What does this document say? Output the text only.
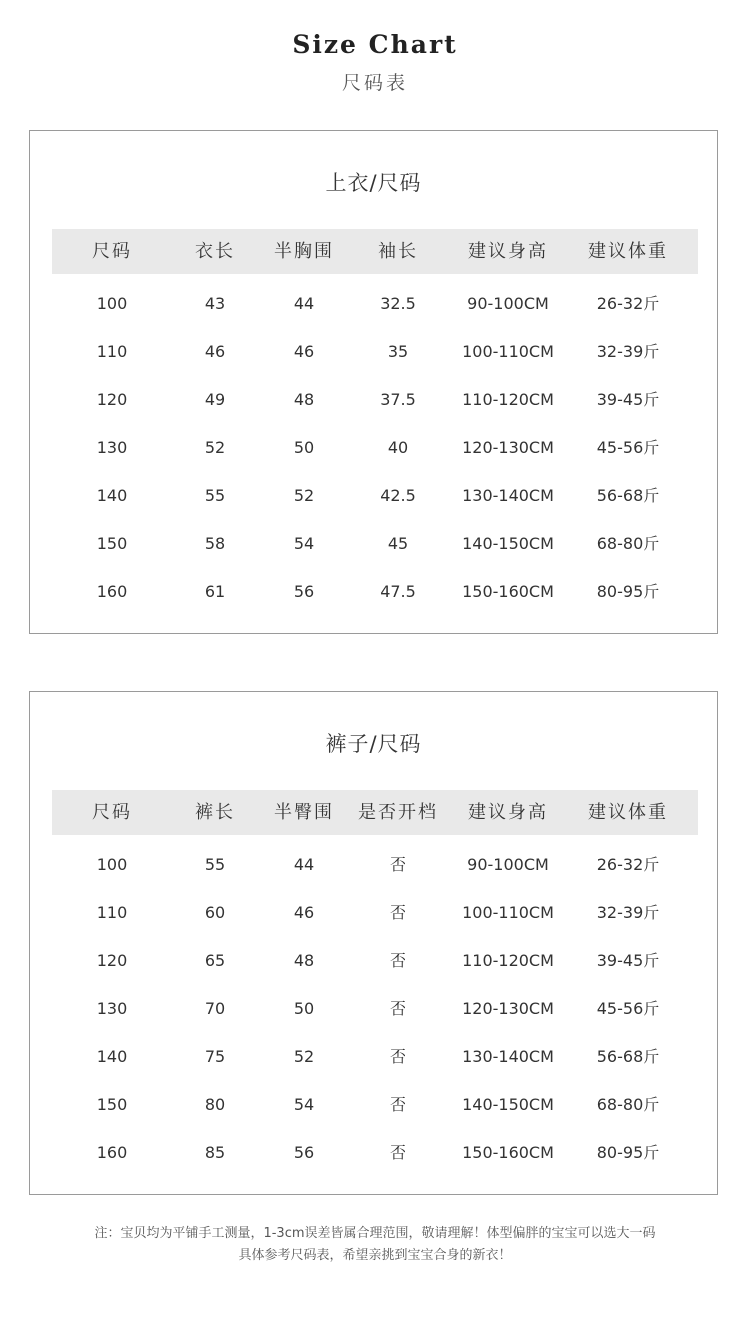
Size Chart
尺码表
上衣/尺码
尺码	衣长	半胸围	袖长	建议身高	建议体重
100	43	44	32.5	90-100CM	26-32斤
110	46	46	35	100-110CM	32-39斤
120	49	48	37.5	110-120CM	39-45斤
130	52	50	40	120-130CM	45-56斤
140	55	52	42.5	130-140CM	56-68斤
150	58	54	45	140-150CM	68-80斤
160	61	56	47.5	150-160CM	80-95斤
裤子/尺码
尺码	裤长	半臀围	是否开档	建议身高	建议体重
100	55	44	否	90-100CM	26-32斤
110	60	46	否	100-110CM	32-39斤
120	65	48	否	110-120CM	39-45斤
130	70	50	否	120-130CM	45-56斤
140	75	52	否	130-140CM	56-68斤
150	80	54	否	140-150CM	68-80斤
160	85	56	否	150-160CM	80-95斤
注：宝贝均为平铺手工测量，1-3cm误差皆属合理范围，敬请理解！体型偏胖的宝宝可以选大一码
具体参考尺码表，希望亲挑到宝宝合身的新衣！
